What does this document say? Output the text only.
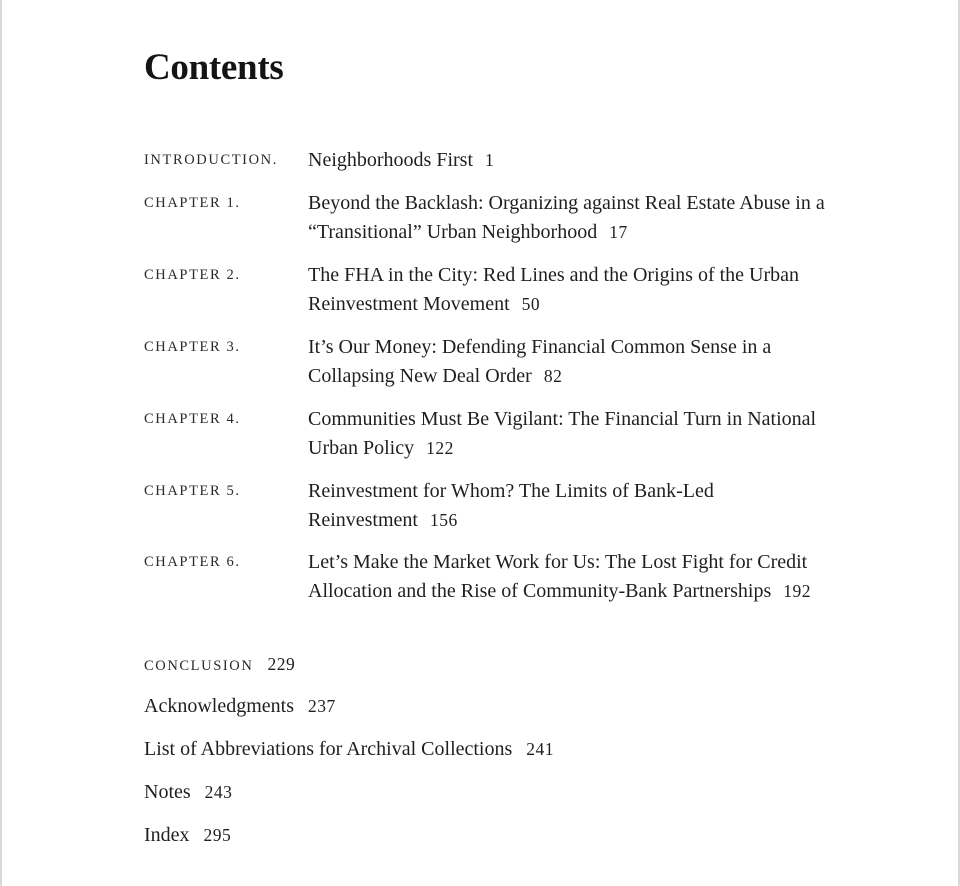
Contents
INTRODUCTION. Neighborhoods First 1
CHAPTER 1.	Beyond the Backlash: Organizing against Real Estate Abuse in a “Transitional” Urban Neighborhood 17
CHAPTER 2.	The FHA in the City: Red Lines and the Origins of the Urban Reinvestment Movement 50
CHAPTER 3.	It’s Our Money: Defending Financial Common Sense in a Collapsing New Deal Order 82
CHAPTER 4.	Communities Must Be Vigilant: The Financial Turn in National Urban Policy 122
CHAPTER 5.	Reinvestment for Whom? The Limits of Bank-Led Reinvestment 156
CHAPTER 6.	Let’s Make the Market Work for Us: The Lost Fight for Credit Allocation and the Rise of Community-Bank Partnerships 192
CONCLUSION 229
Acknowledgments 237
List of Abbreviations for Archival Collections 241
Notes 243
Index 295
